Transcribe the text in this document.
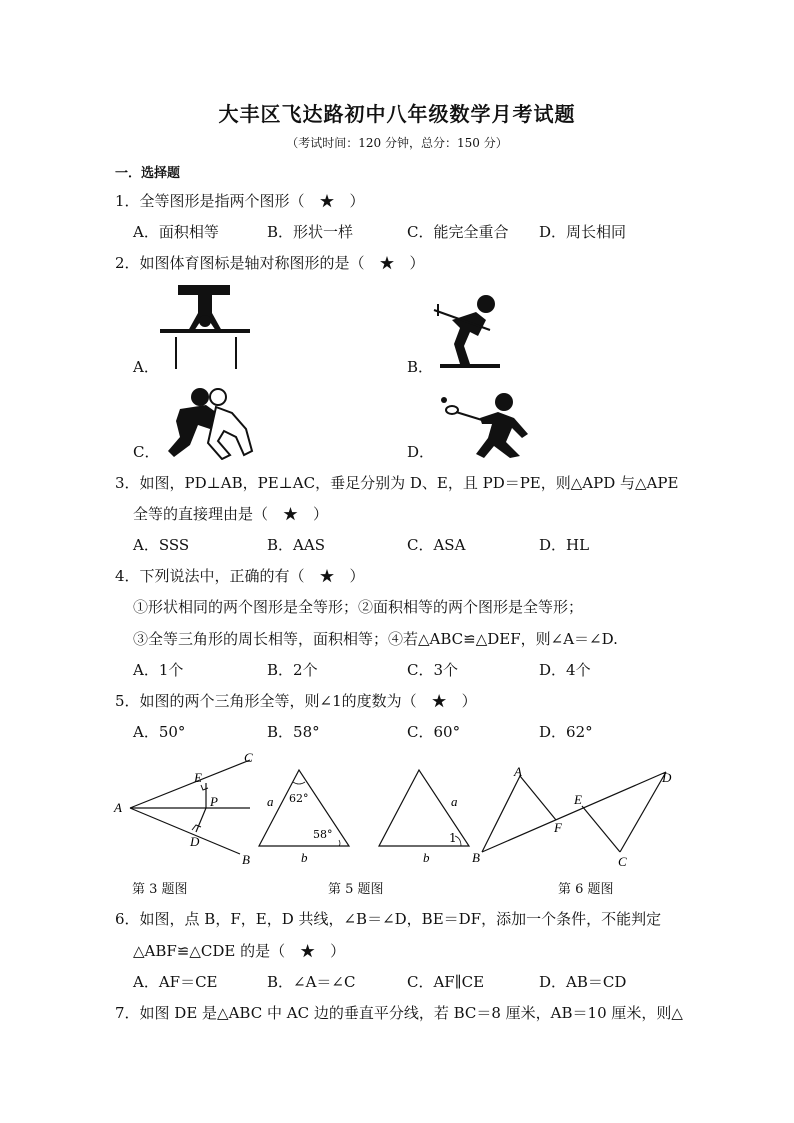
大丰区飞达路初中八年级数学月考试题
（考试时间：120 分钟，总分：150 分）
一．选择题
1．全等图形是指两个图形（　★　）
A．面积相等	B．形状一样	C．能完全重合 D．周长相同
2．如图体育图标是轴对称图形的是（　★　）
A．	B．
C．	D．
3．如图，PD⊥AB，PE⊥AC，垂足分别为 D、E，且 PD＝PE，则△APD 与△APE
全等的直接理由是（　★　）
A．SSS	B．AAS	C．ASA	D．HL
4．下列说法中，正确的有（　★　）
①形状相同的两个图形是全等形；②面积相等的两个图形是全等形；
③全等三角形的周长相等，面积相等；④若△ABC≌△DEF，则∠A＝∠D.
A．1个	B．2个	C．3个	D．4个
5．如图的两个三角形全等，则∠1的度数为（　★　）
A．50°	B．58°	C．60°	D．62°
A
B
C
D
E
P
第 3 题图
62°
58°
a
b
a
b
1
第 5 题图
A
B	C
D
E
F
第 6 题图
6．如图，点 B，F，E，D 共线，∠B＝∠D，BE＝DF，添加一个条件，不能判定
△ABF≌△CDE 的是（　★　）
A．AF＝CE	B．∠A＝∠C	C．AF∥CE	D．AB＝CD
7．如图 DE 是△ABC 中 AC 边的垂直平分线，若 BC＝8 厘米，AB＝10 厘米，则△
